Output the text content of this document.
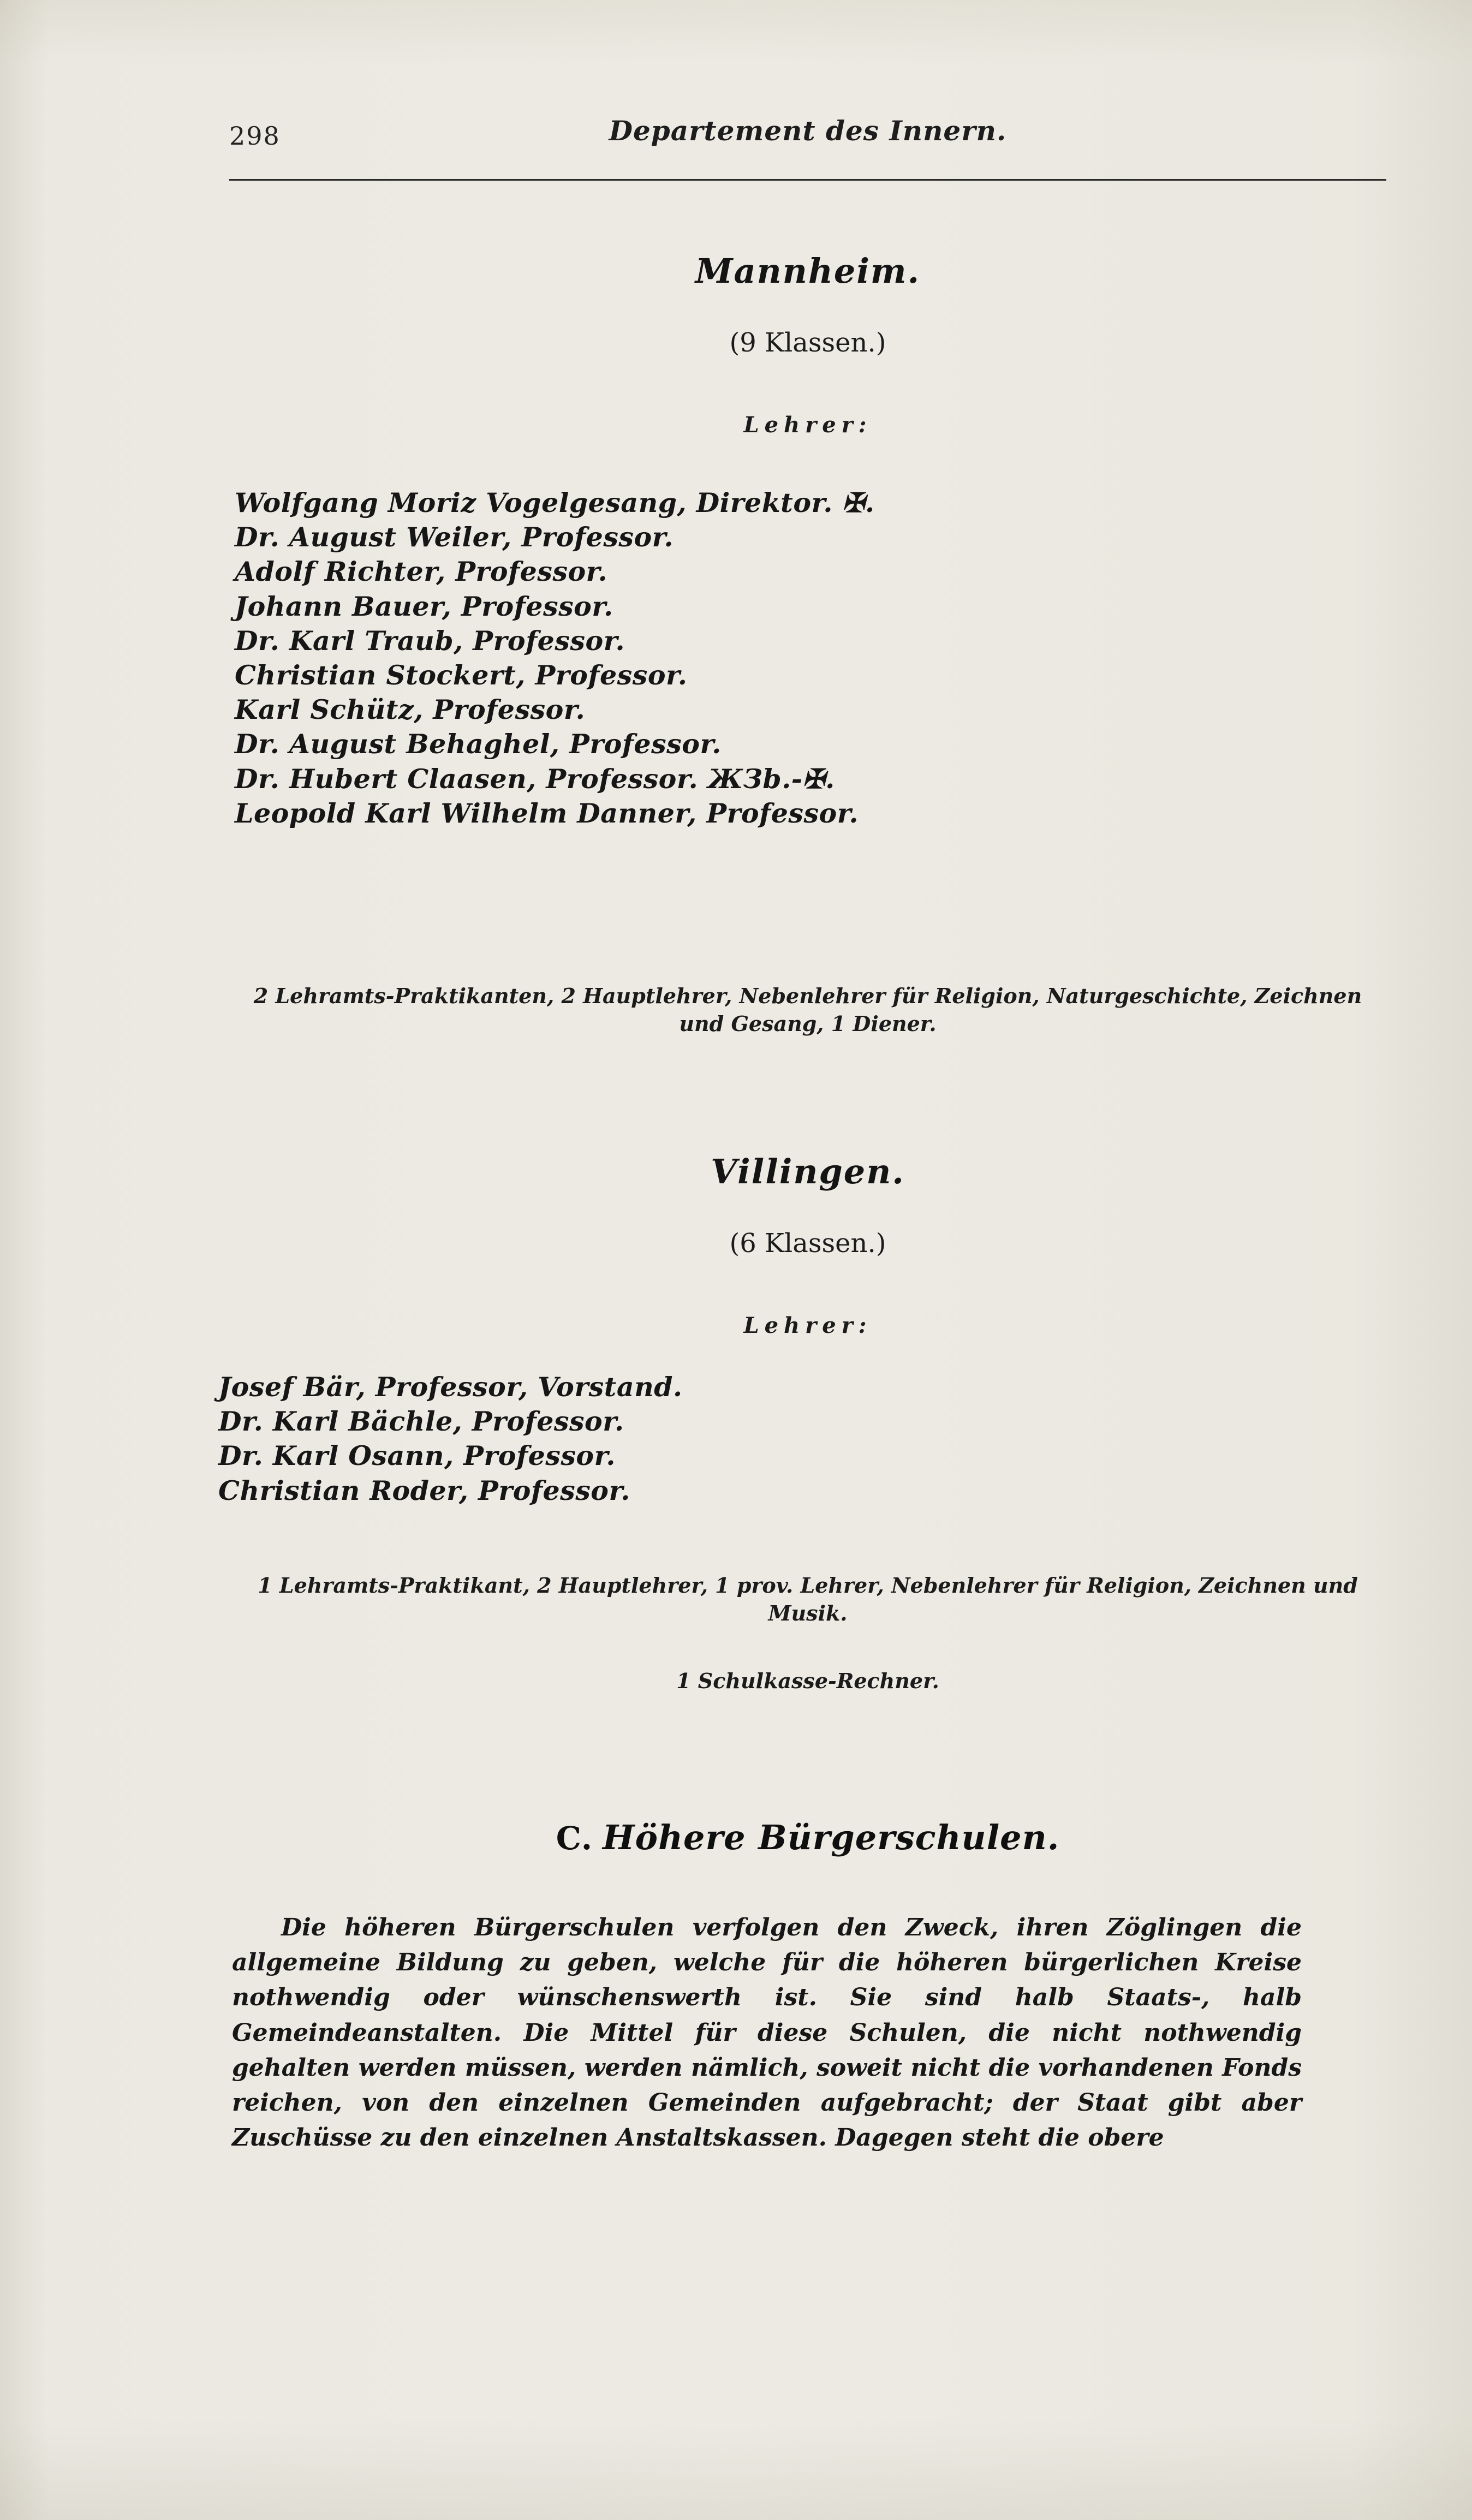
298	Departement des Innern.
Mannheim.
(9 Klassen.)
Lehrer:
Wolfgang Moriz Vogelgesang, Direktor. ✠.
Dr. August Weiler, Professor.
Adolf Richter, Professor.
Johann Bauer, Professor.
Dr. Karl Traub, Professor.
Christian Stockert, Professor.
Karl Schütz, Professor.
Dr. August Behaghel, Professor.
Dr. Hubert Claasen, Professor. ЖЗb.-✠.
Leopold Karl Wilhelm Danner, Professor.
2 Lehramts-Praktikanten, 2 Hauptlehrer, Nebenlehrer für Religion, Naturgeschichte, Zeichnen und Gesang, 1 Diener.
Villingen.
(6 Klassen.)
Lehrer:
Josef Bär, Professor, Vorstand.
Dr. Karl Bächle, Professor.
Dr. Karl Osann, Professor.
Christian Roder, Professor.
1 Lehramts-Praktikant, 2 Hauptlehrer, 1 prov. Lehrer, Nebenlehrer für Religion, Zeichnen und Musik.
1 Schulkasse-Rechner.
C. Höhere Bürgerschulen.
Die höheren Bürgerschulen verfolgen den Zweck, ihren Zöglingen die allgemeine Bildung zu geben, welche für die höheren bürgerlichen Kreise nothwendig oder wünschenswerth ist. Sie sind halb Staats-, halb Gemeindeanstalten. Die Mittel für diese Schulen, die nicht nothwendig gehalten werden müssen, werden nämlich, soweit nicht die vorhandenen Fonds reichen, von den einzelnen Gemeinden aufgebracht; der Staat gibt aber Zuschüsse zu den einzelnen Anstaltskassen. Dagegen steht die obere
